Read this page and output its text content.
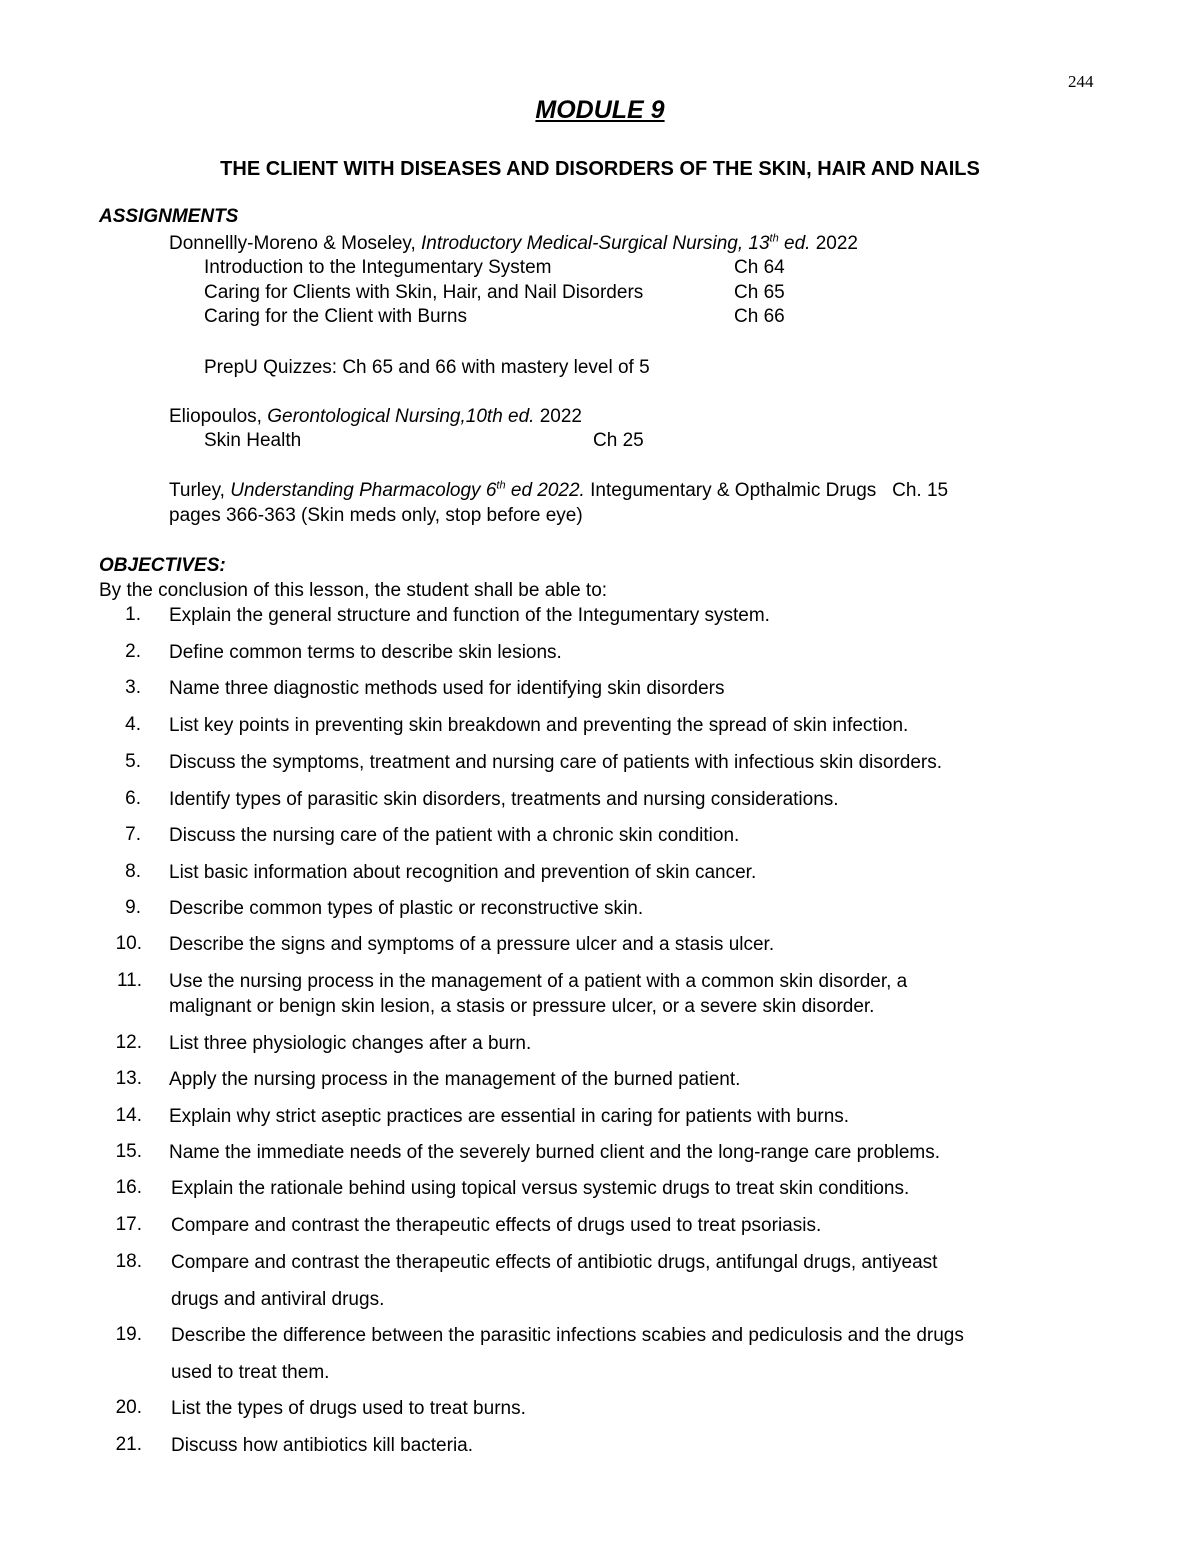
244
MODULE 9
THE CLIENT WITH DISEASES AND DISORDERS OF THE SKIN, HAIR AND NAILS
ASSIGNMENTS
Donnellly-Moreno & Moseley, Introductory Medical-Surgical Nursing, 13th ed. 2022
Introduction to the Integumentary System	Ch 64
Caring for Clients with Skin, Hair, and Nail Disorders	Ch 65
Caring for the Client with Burns	Ch 66
PrepU Quizzes: Ch 65 and 66 with mastery level of 5
Eliopoulos, Gerontological Nursing,10th ed. 2022
Skin Health	Ch 25
Turley, Understanding Pharmacology 6th ed 2022. Integumentary & Opthalmic Drugs   Ch. 15
pages 366-363 (Skin meds only, stop before eye)
OBJECTIVES:
By the conclusion of this lesson, the student shall be able to:
1. Explain the general structure and function of the Integumentary system.
2. Define common terms to describe skin lesions.
3. Name three diagnostic methods used for identifying skin disorders
4. List key points in preventing skin breakdown and preventing the spread of skin infection.
5. Discuss the symptoms, treatment and nursing care of patients with infectious skin disorders.
6. Identify types of parasitic skin disorders, treatments and nursing considerations.
7. Discuss the nursing care of the patient with a chronic skin condition.
8. List basic information about recognition and prevention of skin cancer.
9. Describe common types of plastic or reconstructive skin.
10. Describe the signs and symptoms of a pressure ulcer and a stasis ulcer.
11. Use the nursing process in the management of a patient with a common skin disorder, a
malignant or benign skin lesion, a stasis or pressure ulcer, or a severe skin disorder.
12. List three physiologic changes after a burn.
13. Apply the nursing process in the management of the burned patient.
14. Explain why strict aseptic practices are essential in caring for patients with burns.
15. Name the immediate needs of the severely burned client and the long-range care problems.
16. Explain the rationale behind using topical versus systemic drugs to treat skin conditions.
17. Compare and contrast the therapeutic effects of drugs used to treat psoriasis.
18. Compare and contrast the therapeutic effects of antibiotic drugs, antifungal drugs, antiyeast
drugs and antiviral drugs.
19. Describe the difference between the parasitic infections scabies and pediculosis and the drugs
used to treat them.
20. List the types of drugs used to treat burns.
21. Discuss how antibiotics kill bacteria.
